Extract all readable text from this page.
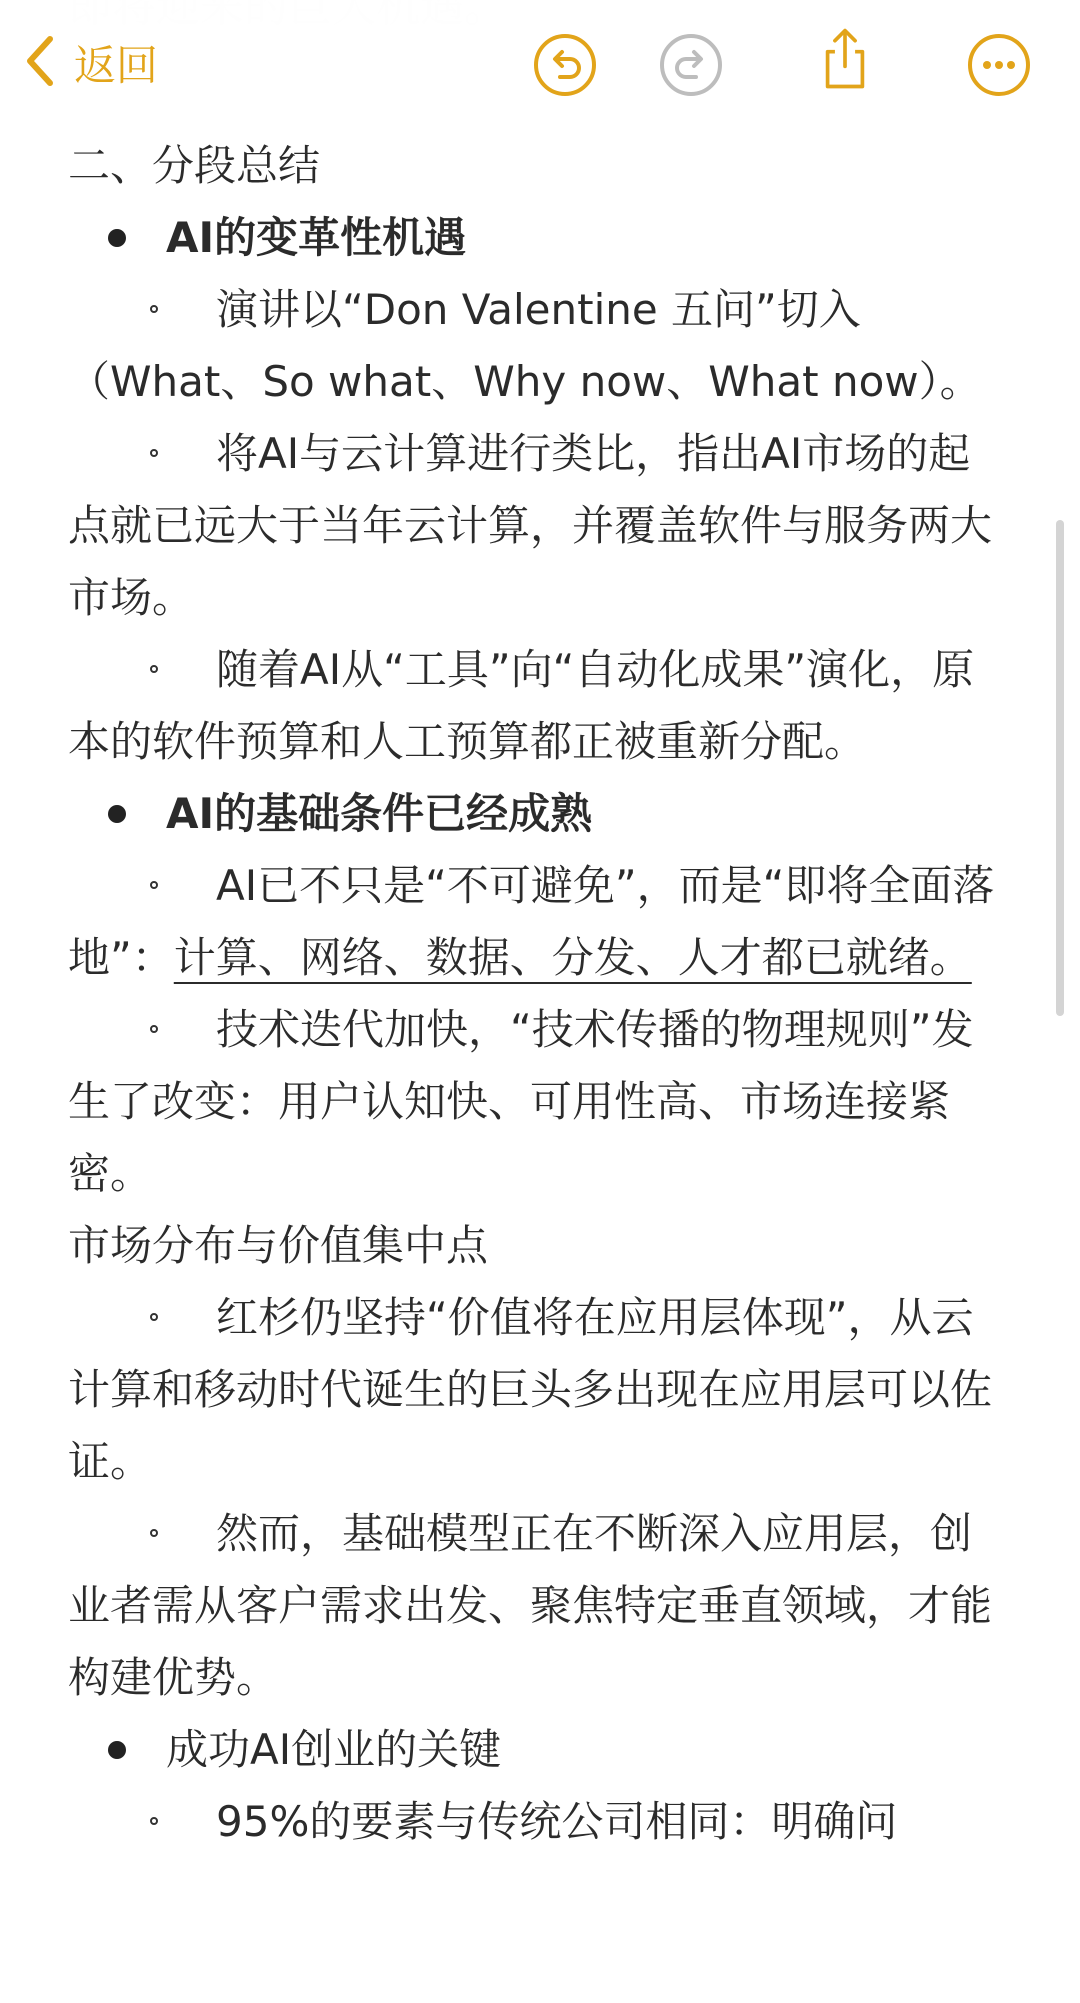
返回

二、分段总结

AI的变革性机遇

演讲以“Don Valentine 五问”切入（What、So what、Why now、What now）。

将AI与云计算进行类比，指出AI市场的起点就已远大于当年云计算，并覆盖软件与服务两大市场。

随着AI从“工具”向“自动化成果”演化，原本的软件预算和人工预算都正被重新分配。

AI的基础条件已经成熟

AI已不只是“不可避免”，而是“即将全面落地”：计算、网络、数据、分发、人才都已就绪。

技术迭代加快，“技术传播的物理规则”发生了改变：用户认知快、可用性高、市场连接紧密。

市场分布与价值集中点

红杉仍坚持“价值将在应用层体现”，从云计算和移动时代诞生的巨头多出现在应用层可以佐证。

然而，基础模型正在不断深入应用层，创业者需从客户需求出发、聚焦特定垂直领域，才能构建优势。

成功AI创业的关键

95%的要素与传统公司相同：明确问
